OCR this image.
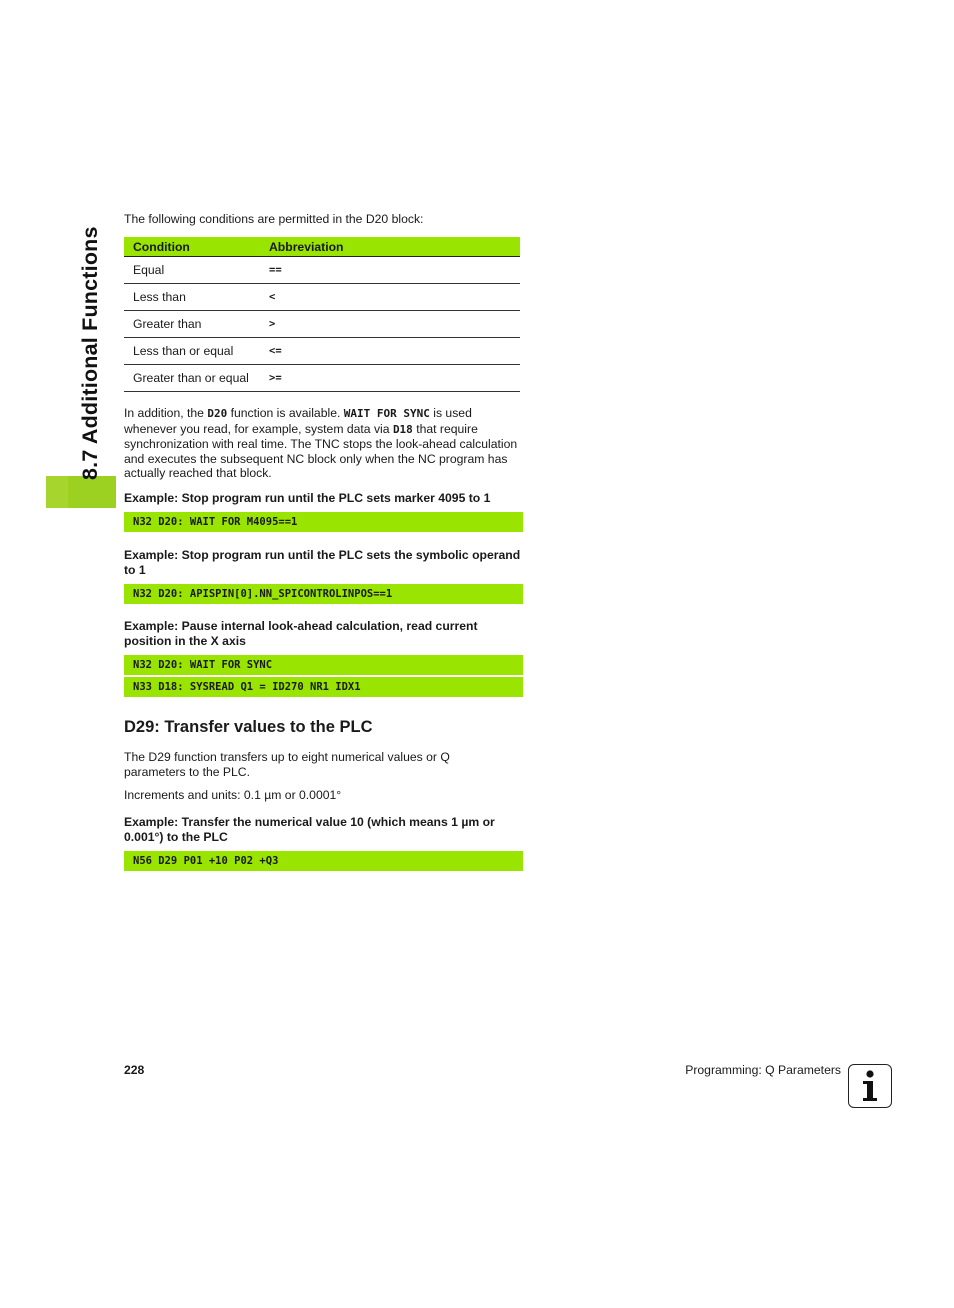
8.7 Additional Functions
The following conditions are permitted in the D20 block:
Condition	Abbreviation
Equal	==
Less than	<
Greater than	>
Less than or equal	<=
Greater than or equal	>=
In addition, the D20 function is available. WAIT FOR SYNC is used whenever you read, for example, system data via D18 that require synchronization with real time. The TNC stops the look-ahead calculation and executes the subsequent NC block only when the NC program has actually reached that block.
Example: Stop program run until the PLC sets marker 4095 to 1
N32 D20: WAIT FOR M4095==1
Example: Stop program run until the PLC sets the symbolic operand to 1
N32 D20: APISPIN[0].NN_SPICONTROLINPOS==1
Example: Pause internal look-ahead calculation, read current position in the X axis
N32 D20: WAIT FOR SYNC
N33 D18: SYSREAD Q1 = ID270 NR1 IDX1
D29: Transfer values to the PLC
The D29 function transfers up to eight numerical values or Q parameters to the PLC.
Increments and units: 0.1 µm or 0.0001°
Example: Transfer the numerical value 10 (which means 1 µm or 0.001°) to the PLC
N56 D29 P01 +10 P02 +Q3
228	Programming: Q Parameters
